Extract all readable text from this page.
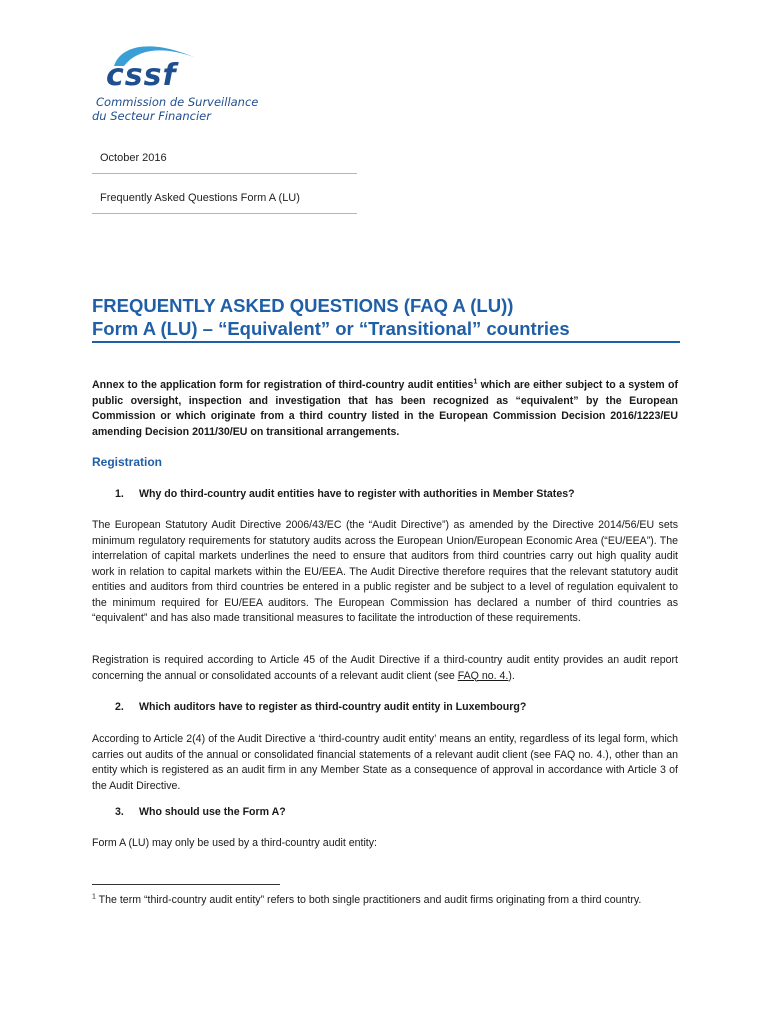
cssf
Commission de Surveillance
du Secteur Financier
October 2016
Frequently Asked Questions Form A (LU)
FREQUENTLY ASKED QUESTIONS (FAQ A (LU))
Form A (LU) – “Equivalent” or “Transitional” countries
Annex to the application form for registration of third-country audit entities$^1$ which are either subject to a system of public oversight, inspection and investigation that has been recognized as “equivalent” by the European Commission or which originate from a third country listed in the European Commission Decision 2016/1223/EU amending Decision 2011/30/EU on transitional arrangements.
Registration
1. Why do third-country audit entities have to register with authorities in Member States?
The European Statutory Audit Directive 2006/43/EC (the “Audit Directive”) as amended by the Directive 2014/56/EU sets minimum regulatory requirements for statutory audits across the European Union/European Economic Area (“EU/EEA”). The interrelation of capital markets underlines the need to ensure that auditors from third countries carry out high quality audit work in relation to capital markets within the EU/EEA. The Audit Directive therefore requires that the relevant statutory audit entities and auditors from third countries be entered in a public register and be subject to a level of regulation equivalent to the minimum required for EU/EEA auditors. The European Commission has declared a number of third countries as “equivalent” and has also made transitional measures to facilitate the introduction of these requirements.
Registration is required according to Article 45 of the Audit Directive if a third-country audit entity provides an audit report concerning the annual or consolidated accounts of a relevant audit client (see FAQ no. 4.).
2. Which auditors have to register as third-country audit entity in Luxembourg?
According to Article 2(4) of the Audit Directive a ‘third-country audit entity’ means an entity, regardless of its legal form, which carries out audits of the annual or consolidated financial statements of a relevant audit client (see FAQ no. 4.), other than an entity which is registered as an audit firm in any Member State as a consequence of approval in accordance with Article 3 of the Audit Directive.
3. Who should use the Form A?
Form A (LU) may only be used by a third-country audit entity:
$^1$ The term “third-country audit entity” refers to both single practitioners and audit firms originating from a third country.
